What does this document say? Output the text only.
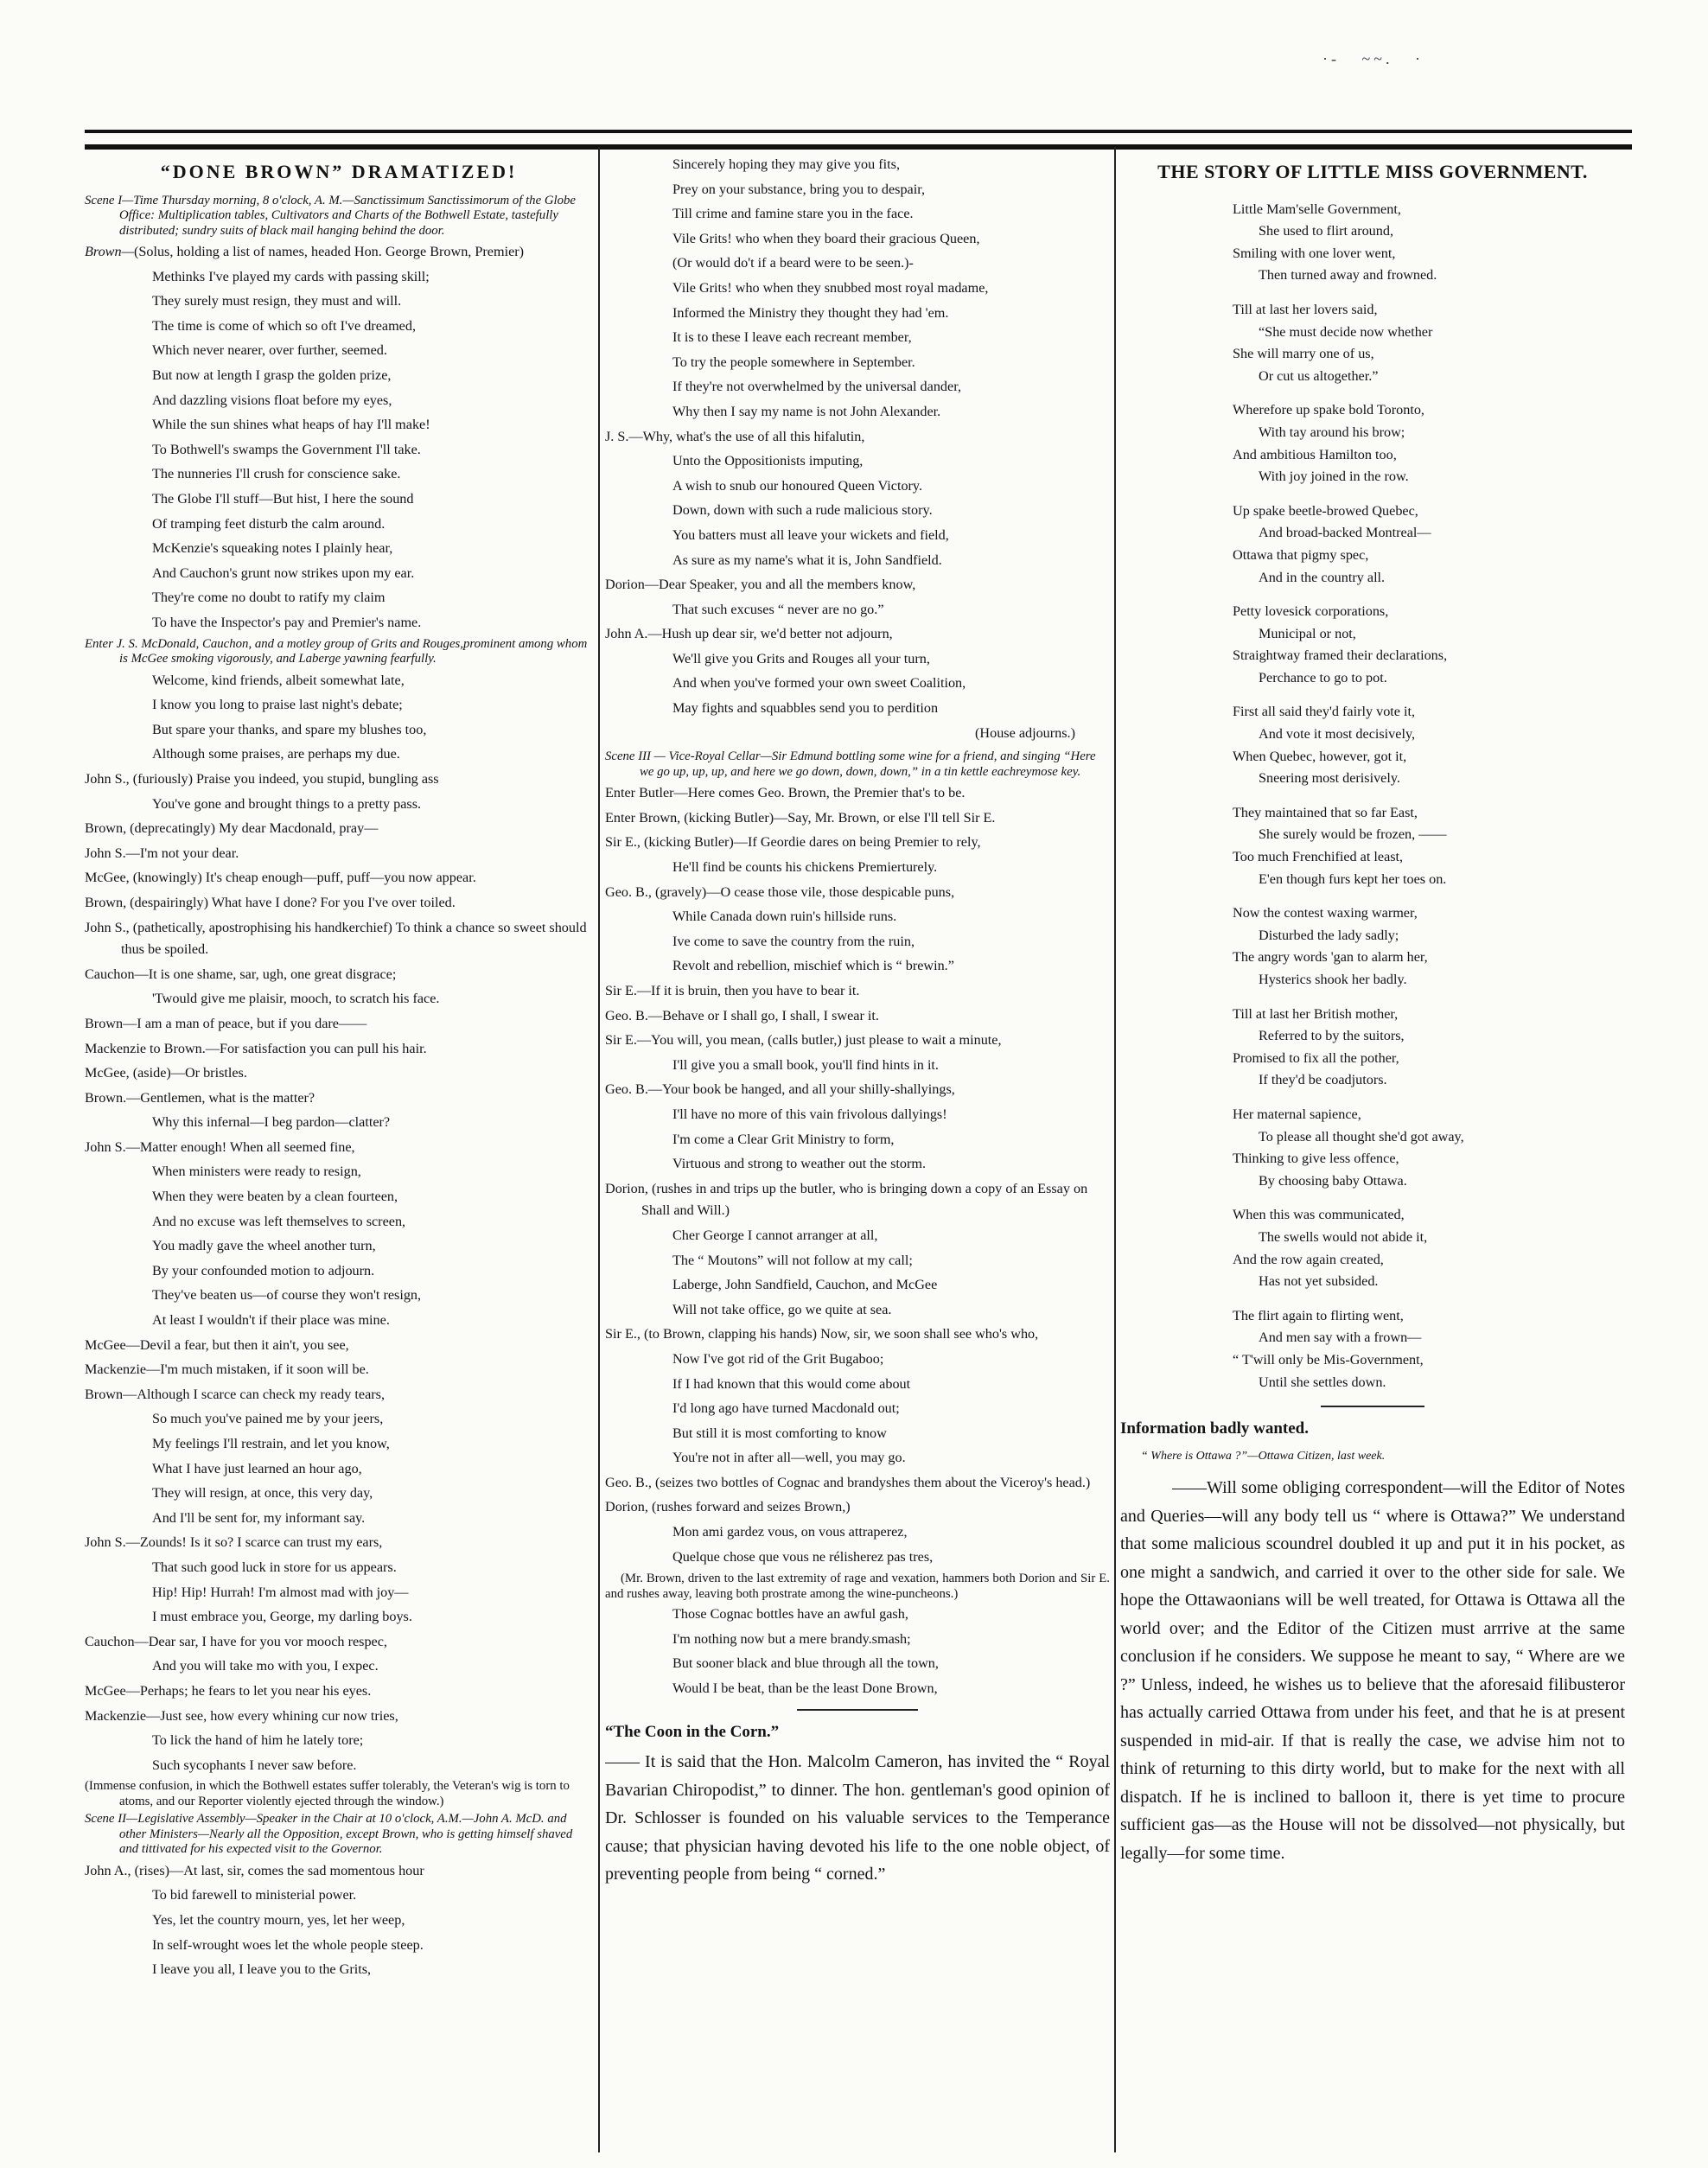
·-   ~~.   ·
“DONE BROWN” DRAMATIZED!

Scene I—Time Thursday morning, 8 o'clock, A. M.—Sanctissimum Sanctissimorum of the Globe Office: Multiplication tables, Cultivators and Charts of the Bothwell Estate, tastefully distributed; sundry suits of black mail hanging behind the door.

Brown—(Solus, holding a list of names, headed Hon. George Brown, Premier)

Methinks I've played my cards with passing skill;

They surely must resign, they must and will.

The time is come of which so oft I've dreamed,

Which never nearer, over further, seemed.

But now at length I grasp the golden prize,

And dazzling visions float before my eyes,

While the sun shines what heaps of hay I'll make!

To Bothwell's swamps the Government I'll take.

The nunneries I'll crush for conscience sake.

The Globe I'll stuff—But hist, I here the sound

Of tramping feet disturb the calm around.

McKenzie's squeaking notes I plainly hear,

And Cauchon's grunt now strikes upon my ear.

They're come no doubt to ratify my claim

To have the Inspector's pay and Premier's name.

Enter J. S. McDonald, Cauchon, and a motley group of Grits and Rouges,prominent among whom is McGee smoking vigorously, and Laberge yawning fearfully.

Welcome, kind friends, albeit somewhat late,

I know you long to praise last night's debate;

But spare your thanks, and spare my blushes too,

Although some praises, are perhaps my due.

John S., (furiously) Praise you indeed, you stupid, bungling ass

You've gone and brought things to a pretty pass.

Brown, (deprecatingly) My dear Macdonald, pray—

John S.—I'm not your dear.

McGee, (knowingly) It's cheap enough—puff, puff—you now appear.

Brown, (despairingly) What have I done? For you I've over toiled.

John S., (pathetically, apostrophising his handkerchief) To think a chance so sweet should thus be spoiled.

Cauchon—It is one shame, sar, ugh, one great disgrace;

'Twould give me plaisir, mooch, to scratch his face.

Brown—I am a man of peace, but if you dare——

Mackenzie to Brown.—For satisfaction you can pull his hair.

McGee, (aside)—Or bristles.

Brown.—Gentlemen, what is the matter?

Why this infernal—I beg pardon—clatter?

John S.—Matter enough! When all seemed fine,

When ministers were ready to resign,

When they were beaten by a clean fourteen,

And no excuse was left themselves to screen,

You madly gave the wheel another turn,

By your confounded motion to adjourn.

They've beaten us—of course they won't resign,

At least I wouldn't if their place was mine.

McGee—Devil a fear, but then it ain't, you see,

Mackenzie—I'm much mistaken, if it soon will be.

Brown—Although I scarce can check my ready tears,

So much you've pained me by your jeers,

My feelings I'll restrain, and let you know,

What I have just learned an hour ago,

They will resign, at once, this very day,

And I'll be sent for, my informant say.

John S.—Zounds! Is it so? I scarce can trust my ears,

That such good luck in store for us appears.

Hip! Hip! Hurrah! I'm almost mad with joy—

I must embrace you, George, my darling boys.

Cauchon—Dear sar, I have for you vor mooch respec,

And you will take mo with you, I expec.

McGee—Perhaps; he fears to let you near his eyes.

Mackenzie—Just see, how every whining cur now tries,

To lick the hand of him he lately tore;

Such sycophants I never saw before.

(Immense confusion, in which the Bothwell estates suffer tolerably, the Veteran's wig is torn to atoms, and our Reporter violently ejected through the window.)

Scene II—Legislative Assembly—Speaker in the Chair at 10 o'clock, A.M.—John A. McD. and other Ministers—Nearly all the Opposition, except Brown, who is getting himself shaved and tittivated for his expected visit to the Governor.

John A., (rises)—At last, sir, comes the sad momentous hour

To bid farewell to ministerial power.

Yes, let the country mourn, yes, let her weep,

In self-wrought woes let the whole people steep.

I leave you all, I leave you to the Grits,

Sincerely hoping they may give you fits,

Prey on your substance, bring you to despair,

Till crime and famine stare you in the face.

Vile Grits! who when they board their gracious Queen,

(Or would do't if a beard were to be seen.)-

Vile Grits! who when they snubbed most royal madame,

Informed the Ministry they thought they had 'em.

It is to these I leave each recreant member,

To try the people somewhere in September.

If they're not overwhelmed by the universal dander,

Why then I say my name is not John Alexander.

J. S.—Why, what's the use of all this hifalutin,

Unto the Oppositionists imputing,

A wish to snub our honoured Queen Victory.

Down, down with such a rude malicious story.

You batters must all leave your wickets and field,

As sure as my name's what it is, John Sandfield.

Dorion—Dear Speaker, you and all the members know,

That such excuses “ never are no go.”

John A.—Hush up dear sir, we'd better not adjourn,

We'll give you Grits and Rouges all your turn,

And when you've formed your own sweet Coalition,

May fights and squabbles send you to perdition

(House adjourns.)

Scene III — Vice-Royal Cellar—Sir Edmund bottling some wine for a friend, and singing “Here we go up, up, up, and here we go down, down, down,” in a tin kettle eachreymose key.

Enter Butler—Here comes Geo. Brown, the Premier that's to be.

Enter Brown, (kicking Butler)—Say, Mr. Brown, or else I'll tell Sir E.

Sir E., (kicking Butler)—If Geordie dares on being Premier to rely,

He'll find be counts his chickens Premierturely.

Geo. B., (gravely)—O cease those vile, those despicable puns,

While Canada down ruin's hillside runs.

Ive come to save the country from the ruin,

Revolt and rebellion, mischief which is “ brewin.”

Sir E.—If it is bruin, then you have to bear it.

Geo. B.—Behave or I shall go, I shall, I swear it.

Sir E.—You will, you mean, (calls butler,) just please to wait a minute,

I'll give you a small book, you'll find hints in it.

Geo. B.—Your book be hanged, and all your shilly-shallyings,

I'll have no more of this vain frivolous dallyings!

I'm come a Clear Grit Ministry to form,

Virtuous and strong to weather out the storm.

Dorion, (rushes in and trips up the butler, who is bringing down a copy of an Essay on Shall and Will.)

Cher George I cannot arranger at all,

The “ Moutons” will not follow at my call;

Laberge, John Sandfield, Cauchon, and McGee

Will not take office, go we quite at sea.

Sir E., (to Brown, clapping his hands) Now, sir, we soon shall see who's who,

Now I've got rid of the Grit Bugaboo;

If I had known that this would come about

I'd long ago have turned Macdonald out;

But still it is most comforting to know

You're not in after all—well, you may go.

Geo. B., (seizes two bottles of Cognac and brandyshes them about the Viceroy's head.)

Dorion, (rushes forward and seizes Brown,)

Mon ami gardez vous, on vous attraperez,

Quelque chose que vous ne rélisherez pas tres,

(Mr. Brown, driven to the last extremity of rage and vexation, hammers both Dorion and Sir E. and rushes away, leaving both prostrate among the wine-puncheons.)

Those Cognac bottles have an awful gash,

I'm nothing now but a mere brandy.smash;

But sooner black and blue through all the town,

Would I be beat, than be the least Done Brown,

“The Coon in the Corn.”

—— It is said that the Hon. Malcolm Cameron, has invited the “ Royal Bavarian Chiropodist,” to dinner. The hon. gentleman's good opinion of Dr. Schlosser is founded on his valuable services to the Temperance cause; that physician having devoted his life to the one noble object, of preventing people from being “ corned.”

THE STORY OF LITTLE MISS GOVERNMENT.

Little Mam'selle Government,

She used to flirt around,

Smiling with one lover went,

Then turned away and frowned.

Till at last her lovers said,

“She must decide now whether

She will marry one of us,

Or cut us altogether.”

Wherefore up spake bold Toronto,

With tay around his brow;

And ambitious Hamilton too,

With joy joined in the row.

Up spake beetle-browed Quebec,

And broad-backed Montreal—

Ottawa that pigmy spec,

And in the country all.

Petty lovesick corporations,

Municipal or not,

Straightway framed their declarations,

Perchance to go to pot.

First all said they'd fairly vote it,

And vote it most decisively,

When Quebec, however, got it,

Sneering most derisively.

They maintained that so far East,

She surely would be frozen, ——

Too much Frenchified at least,

E'en though furs kept her toes on.

Now the contest waxing warmer,

Disturbed the lady sadly;

The angry words 'gan to alarm her,

Hysterics shook her badly.

Till at last her British mother,

Referred to by the suitors,

Promised to fix all the pother,

If they'd be coadjutors.

Her maternal sapience,

To please all thought she'd got away,

Thinking to give less offence,

By choosing baby Ottawa.

When this was communicated,

The swells would not abide it,

And the row again created,

Has not yet subsided.

The flirt again to flirting went,

And men say with a frown—

“ T'will only be Mis-Government,

Until she settles down.

Information badly wanted.
“ Where is Ottawa ?”—Ottawa Citizen, last week.

——Will some obliging correspondent—will the Editor of Notes and Queries—will any body tell us “ where is Ottawa?” We understand that some malicious scoundrel doubled it up and put it in his pocket, as one might a sandwich, and carried it over to the other side for sale. We hope the Ottawaonians will be well treated, for Ottawa is Ottawa all the world over; and the Editor of the Citizen must arrrive at the same conclusion if he considers. We suppose he meant to say, “ Where are we ?” Unless, indeed, he wishes us to believe that the aforesaid filibusteror has actually carried Ottawa from under his feet, and that he is at present suspended in mid-air. If that is really the case, we advise him not to think of returning to this dirty world, but to make for the next with all dispatch. If he is inclined to balloon it, there is yet time to procure sufficient gas—as the House will not be dissolved—not physically, but legally—for some time.
